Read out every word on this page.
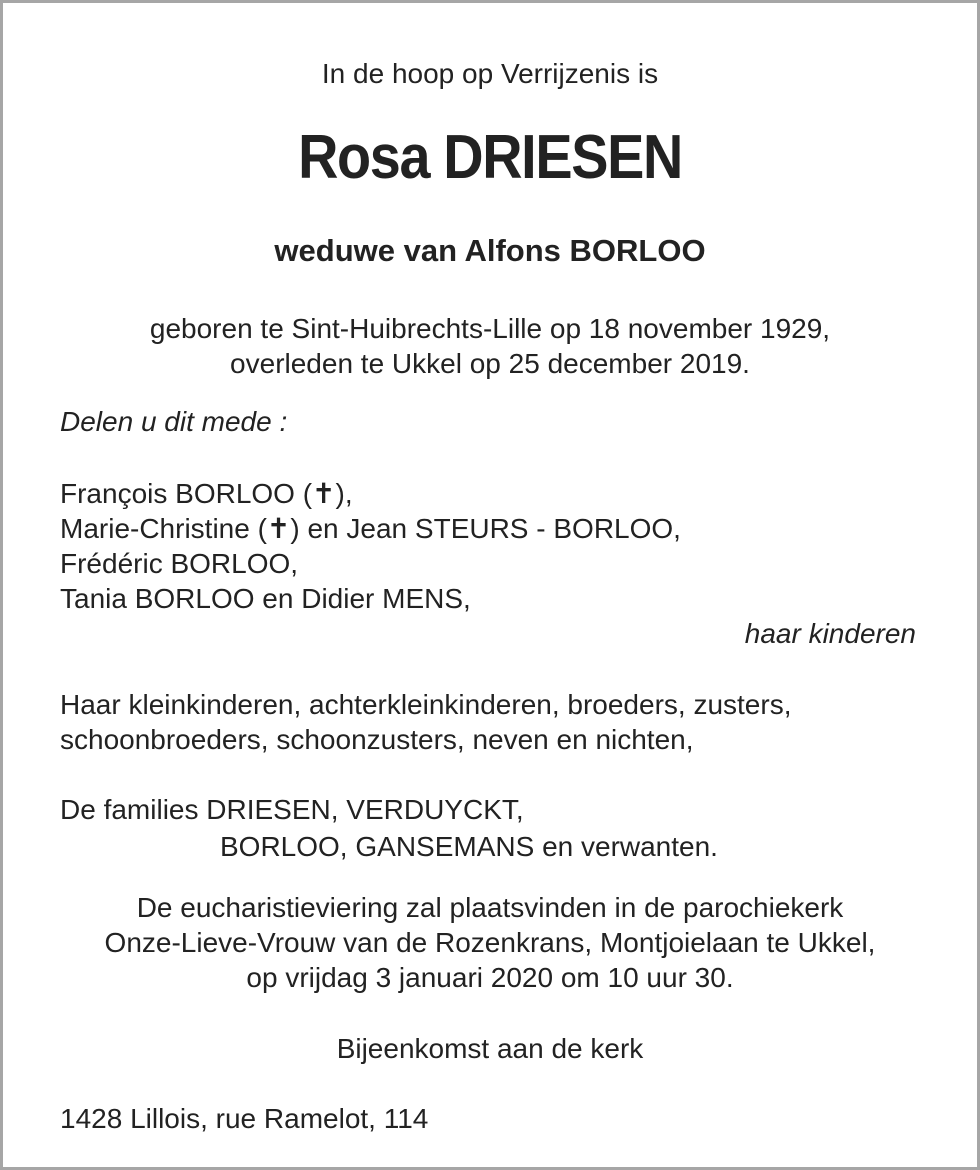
In de hoop op Verrijzenis is
Rosa DRIESEN
weduwe van Alfons BORLOO
geboren te Sint-Huibrechts-Lille op 18 november 1929,
overleden te Ukkel op 25 december 2019.
Delen u dit mede :
François BORLOO (✝),
Marie-Christine (✝) en Jean STEURS - BORLOO,
Frédéric BORLOO,
Tania BORLOO en Didier MENS,
haar kinderen
Haar kleinkinderen, achterkleinkinderen, broeders, zusters,
schoonbroeders, schoonzusters, neven en nichten,
De families DRIESEN, VERDUYCKT,
BORLOO, GANSEMANS en verwanten.
De eucharistieviering zal plaatsvinden in de parochiekerk
Onze-Lieve-Vrouw van de Rozenkrans, Montjoielaan te Ukkel,
op vrijdag 3 januari 2020 om 10 uur 30.
Bijeenkomst aan de kerk
1428 Lillois, rue Ramelot, 114
